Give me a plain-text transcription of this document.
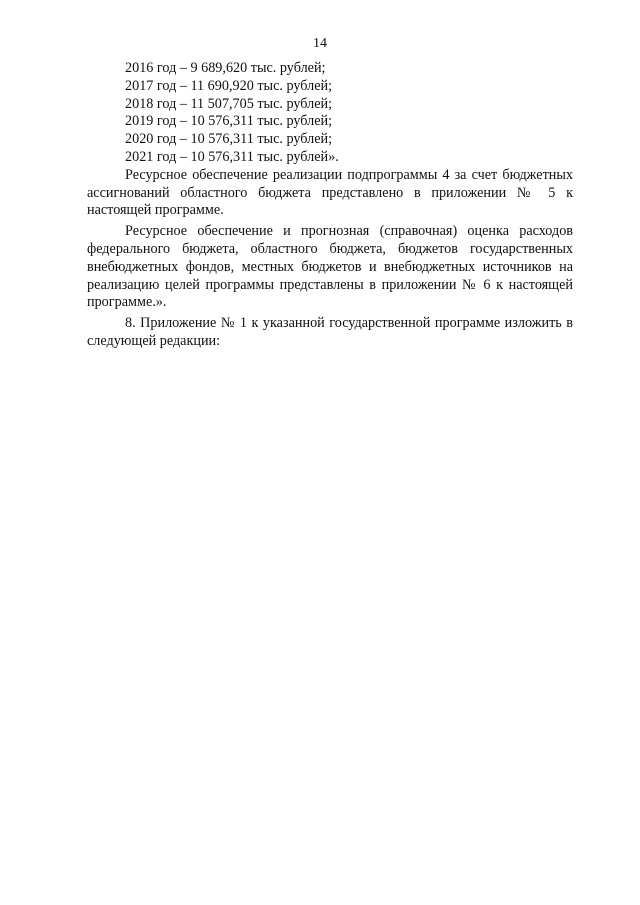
14
2016 год – 9 689,620 тыс. рублей;
2017 год – 11 690,920 тыс. рублей;
2018 год – 11 507,705 тыс. рублей;
2019 год – 10 576,311 тыс. рублей;
2020 год – 10 576,311 тыс. рублей;
2021 год – 10 576,311 тыс. рублей».

Ресурсное обеспечение реализации подпрограммы 4 за счет бюджетных ассигнований областного бюджета представлено в приложении № 5 к настоящей программе.

Ресурсное обеспечение и прогнозная (справочная) оценка расходов федерального бюджета, областного бюджета, бюджетов государственных внебюджетных фондов, местных бюджетов и внебюджетных источников на реализацию целей программы представлены в приложении № 6 к настоящей программе.».

8. Приложение № 1 к указанной государственной программе изложить в следующей редакции:
